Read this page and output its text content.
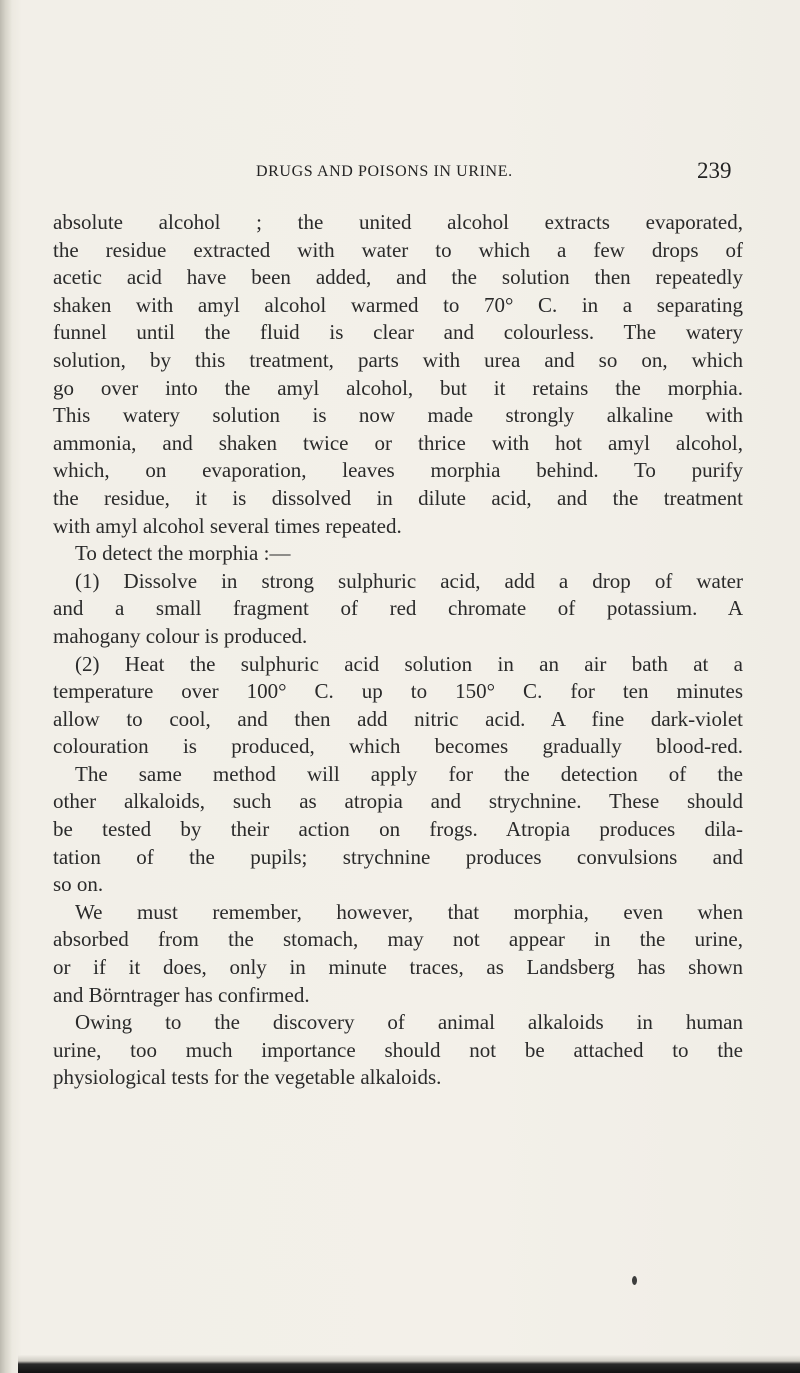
DRUGS AND POISONS IN URINE.	239
absolute alcohol ; the united alcohol extracts evaporated,
the residue extracted with water to which a few drops of
acetic acid have been added, and the solution then repeatedly
shaken with amyl alcohol warmed to 70° C. in a separating
funnel until the fluid is clear and colourless. The watery
solution, by this treatment, parts with urea and so on, which
go over into the amyl alcohol, but it retains the morphia.
This watery solution is now made strongly alkaline with
ammonia, and shaken twice or thrice with hot amyl alcohol,
which, on evaporation, leaves morphia behind. To purify
the residue, it is dissolved in dilute acid, and the treatment
with amyl alcohol several times repeated.
To detect the morphia :—
(1) Dissolve in strong sulphuric acid, add a drop of water
and a small fragment of red chromate of potassium. A
mahogany colour is produced.
(2) Heat the sulphuric acid solution in an air bath at a
temperature over 100° C. up to 150° C. for ten minutes
allow to cool, and then add nitric acid. A fine dark-violet
colouration is produced, which becomes gradually blood-red.
The same method will apply for the detection of the
other alkaloids, such as atropia and strychnine. These should
be tested by their action on frogs. Atropia produces dila-
tation of the pupils; strychnine produces convulsions and
so on.
We must remember, however, that morphia, even when
absorbed from the stomach, may not appear in the urine,
or if it does, only in minute traces, as Landsberg has shown
and Börntrager has confirmed.
Owing to the discovery of animal alkaloids in human
urine, too much importance should not be attached to the
physiological tests for the vegetable alkaloids.
